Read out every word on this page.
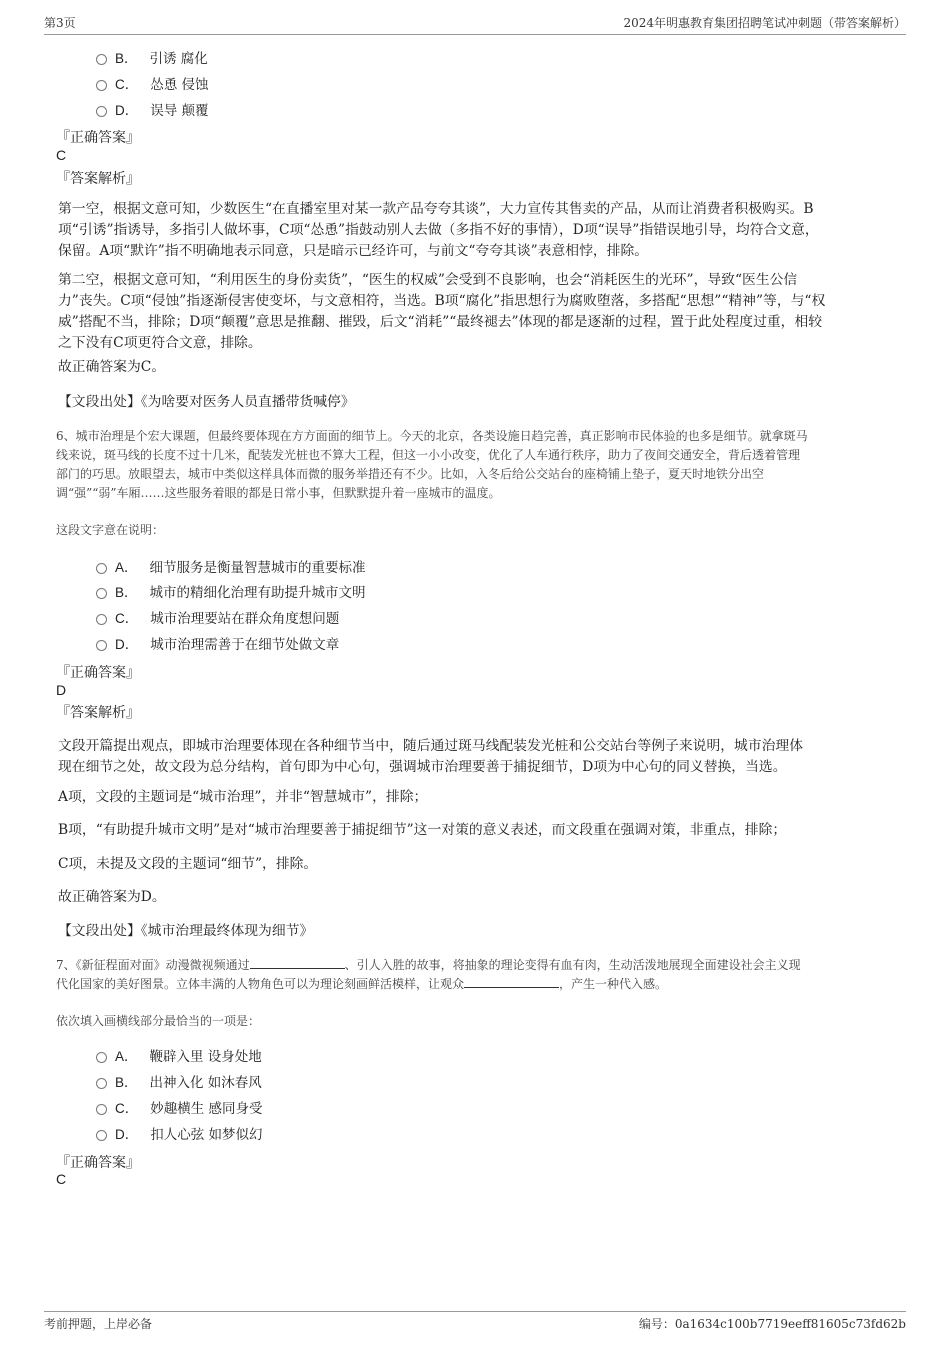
第3页	2024年明惠教育集团招聘笔试冲刺题（带答案解析）
B． 引诱 腐化
C． 怂恿 侵蚀
D． 误导 颠覆
『正确答案』
C
『答案解析』
第一空，根据文意可知，少数医生“在直播室里对某一款产品夸夸其谈”，大力宣传其售卖的产品，从而让消费者积极购买。B
项“引诱”指诱导，多指引人做坏事，C项“怂恿”指鼓动别人去做（多指不好的事情），D项“误导”指错误地引导，均符合文意，
保留。A项“默许”指不明确地表示同意，只是暗示已经许可，与前文“夸夸其谈”表意相悖，排除。
第二空，根据文意可知，“利用医生的身份卖货”，“医生的权威”会受到不良影响，也会“消耗医生的光环”，导致“医生公信
力”丧失。C项“侵蚀”指逐渐侵害使变坏，与文意相符，当选。B项“腐化”指思想行为腐败堕落，多搭配“思想”“精神”等，与“权
威”搭配不当，排除；D项“颠覆”意思是推翻、摧毁，后文“消耗”“最终褪去”体现的都是逐渐的过程，置于此处程度过重，相较
之下没有C项更符合文意，排除。
故正确答案为C。
【文段出处】《为啥要对医务人员直播带货喊停》
6、城市治理是个宏大课题，但最终要体现在方方面面的细节上。今天的北京，各类设施日趋完善，真正影响市民体验的也多是细节。就拿斑马
线来说，斑马线的长度不过十几米，配装发光桩也不算大工程，但这一小小改变，优化了人车通行秩序，助力了夜间交通安全，背后透着管理
部门的巧思。放眼望去，城市中类似这样具体而微的服务举措还有不少。比如，入冬后给公交站台的座椅铺上垫子，夏天时地铁分出空
调“强”“弱”车厢……这些服务着眼的都是日常小事，但默默提升着一座城市的温度。
这段文字意在说明：
A． 细节服务是衡量智慧城市的重要标准
B． 城市的精细化治理有助提升城市文明
C． 城市治理要站在群众角度想问题
D． 城市治理需善于在细节处做文章
『正确答案』
D
『答案解析』
文段开篇提出观点，即城市治理要体现在各种细节当中，随后通过斑马线配装发光桩和公交站台等例子来说明，城市治理体
现在细节之处，故文段为总分结构，首句即为中心句，强调城市治理要善于捕捉细节，D项为中心句的同义替换，当选。
A项，文段的主题词是“城市治理”，并非“智慧城市”，排除；
B项，“有助提升城市文明”是对“城市治理要善于捕捉细节”这一对策的意义表述，而文段重在强调对策，非重点，排除；
C项，未提及文段的主题词“细节”，排除。
故正确答案为D。
【文段出处】《城市治理最终体现为细节》
7、《新征程面对面》动漫微视频通过	、引人入胜的故事，将抽象的理论变得有血有肉，生动活泼地展现全面建设社会主义现
代化国家的美好图景。立体丰满的人物角色可以为理论刻画鲜活模样，让观众	，产生一种代入感。
依次填入画横线部分最恰当的一项是：
A． 鞭辟入里 设身处地
B． 出神入化 如沐春风
C． 妙趣横生 感同身受
D． 扣人心弦 如梦似幻
『正确答案』
C
考前押题，上岸必备	编号：0a1634c100b7719eeff81605c73fd62b
